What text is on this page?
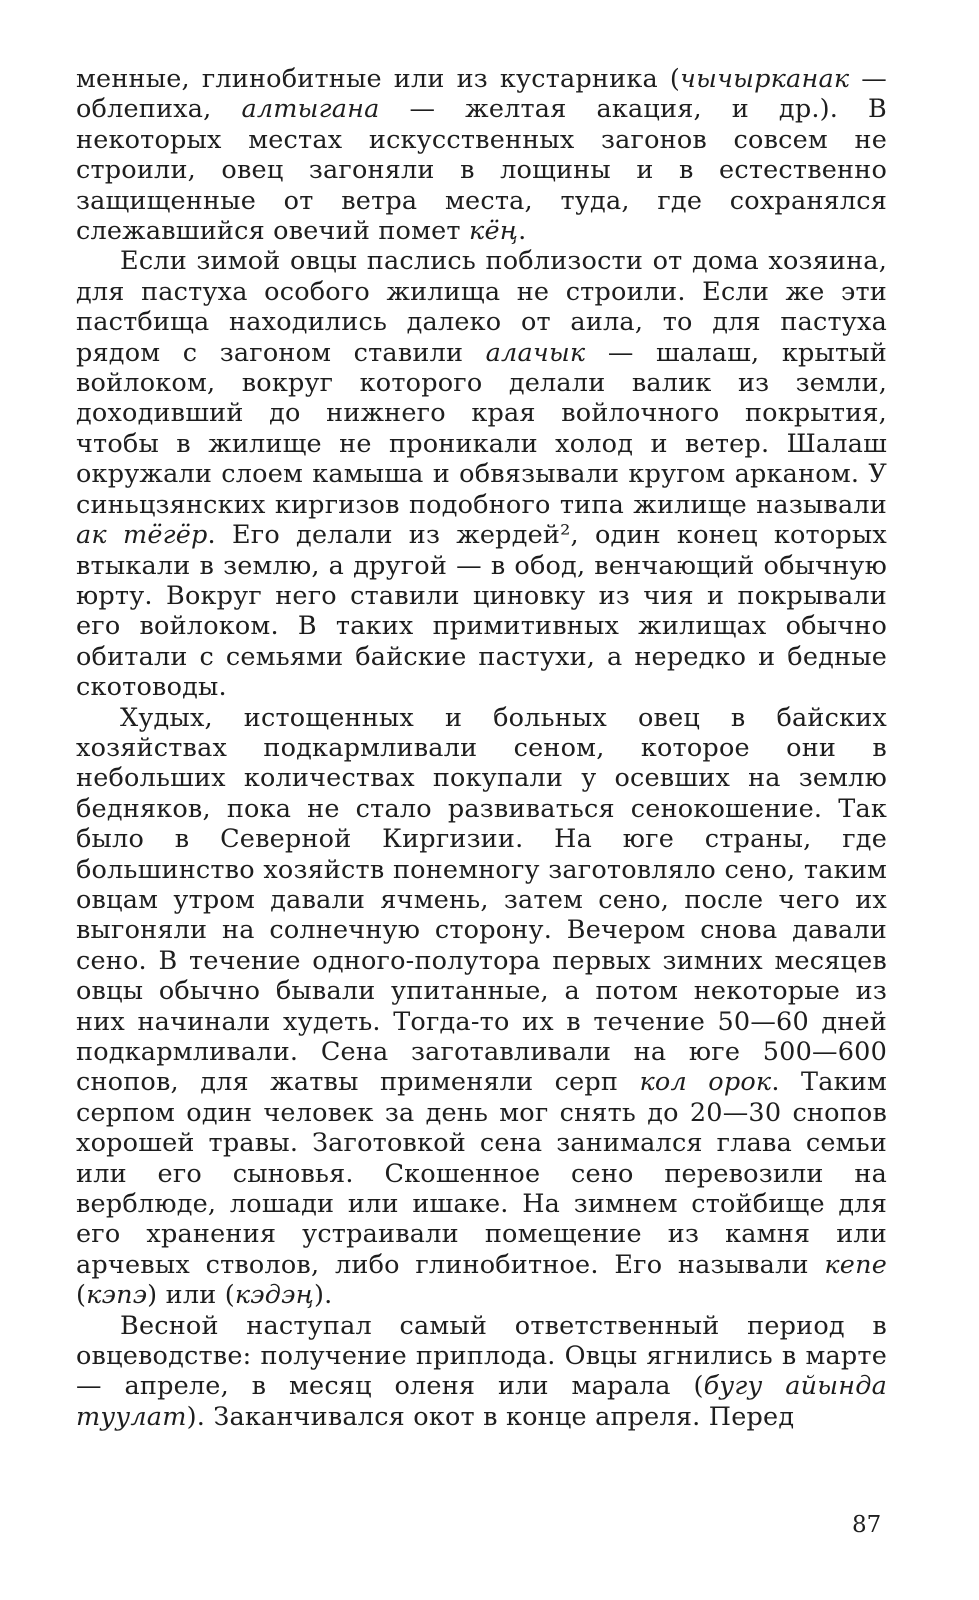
менные, глинобитные или из кустарника (чычырканак — облепиха, алтыгана — желтая акация, и др.). В некоторых местах искусственных загонов совсем не строили, овец загоняли в лощины и в естественно защищенные от ветра места, туда, где сохранялся слежавшийся овечий помет кёң.

Если зимой овцы паслись поблизости от дома хозяина, для пастуха особого жилища не строили. Если же эти пастбища находились далеко от аила, то для пастуха рядом с загоном ставили алачык — шалаш, крытый войлоком, вокруг которого делали валик из земли, доходивший до нижнего края войлочного покрытия, чтобы в жилище не проникали холод и ветер. Шалаш окружали слоем камыша и обвязывали кругом арканом. У синьцзянских киргизов подобного типа жилище называли ак тёгёр. Его делали из жердей², один конец которых втыкали в землю, а другой — в обод, венчающий обычную юрту. Вокруг него ставили циновку из чия и покрывали его войлоком. В таких примитивных жилищах обычно обитали с семьями байские пастухи, а нередко и бедные скотоводы.

Худых, истощенных и больных овец в байских хозяйствах подкармливали сеном, которое они в небольших количествах покупали у осевших на землю бедняков, пока не стало развиваться сенокошение. Так было в Северной Киргизии. На юге страны, где большинство хозяйств понемногу заготовляло сено, таким овцам утром давали ячмень, затем сено, после чего их выгоняли на солнечную сторону. Вечером снова давали сено. В течение одного-полутора первых зимних месяцев овцы обычно бывали упитанные, а потом некоторые из них начинали худеть. Тогда-то их в течение 50—60 дней подкармливали. Сена заготавливали на юге 500—600 снопов, для жатвы применяли серп кол орок. Таким серпом один человек за день мог снять до 20—30 снопов хорошей травы. Заготовкой сена занимался глава семьи или его сыновья. Скошенное сено перевозили на верблюде, лошади или ишаке. На зимнем стойбище для его хранения устраивали помещение из камня или арчевых стволов, либо глинобитное. Его называли кепе (кэпэ) или (кэдэң).

Весной наступал самый ответственный период в овцеводстве: получение приплода. Овцы ягнились в марте — апреле, в месяц оленя или марала (бугу айында туулат). Заканчивался окот в конце апреля. Перед

87
